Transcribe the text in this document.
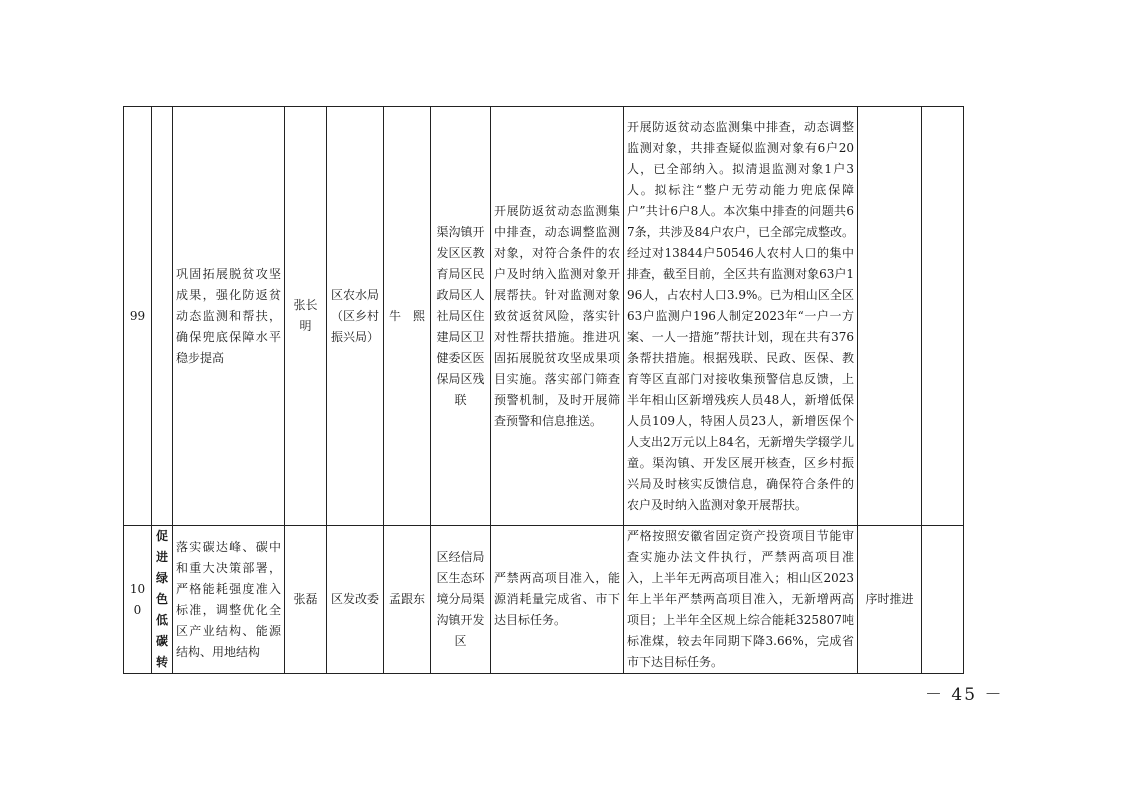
99		巩固拓展脱贫攻坚成果，强化防返贫动态监测和帮扶，确保兜底保障水平稳步提高	张长明	区农水局（区乡村振兴局）	牛　熙	渠沟镇开发区区教育局区民政局区人社局区住建局区卫健委区医保局区残联	开展防返贫动态监测集中排查，动态调整监测对象，对符合条件的农户及时纳入监测对象开展帮扶。针对监测对象致贫返贫风险，落实针对性帮扶措施。推进巩固拓展脱贫攻坚成果项目实施。落实部门筛查预警机制，及时开展筛查预警和信息推送。	开展防返贫动态监测集中排查，动态调整监测对象，共排查疑似监测对象有6户20人，已全部纳入。拟清退监测对象1户3人。拟标注“整户无劳动能力兜底保障户”共计6户8人。本次集中排查的问题共67条，共涉及84户农户，已全部完成整改。经过对13844户50546人农村人口的集中排查，截至目前，全区共有监测对象63户196人，占农村人口3.9%。已为相山区全区63户监测户196人制定2023年“一户一方案、一人一措施”帮扶计划，现在共有376条帮扶措施。根据残联、民政、医保、教育等区直部门对接收集预警信息反馈，上半年相山区新增残疾人员48人，新增低保人员109人，特困人员23人，新增医保个人支出2万元以上84名，无新增失学辍学儿童。渠沟镇、开发区展开核查，区乡村振兴局及时核实反馈信息，确保符合条件的农户及时纳入监测对象开展帮扶。		
100	促进绿色低碳转	落实碳达峰、碳中和重大决策部署，严格能耗强度准入标准，调整优化全区产业结构、能源结构、用地结构	张磊	区发改委	孟跟东	区经信局区生态环境分局渠沟镇开发区	严禁两高项目准入，能源消耗量完成省、市下达目标任务。	严格按照安徽省固定资产投资项目节能审查实施办法文件执行，严禁两高项目准入，上半年无两高项目准入；相山区2023年上半年严禁两高项目准入，无新增两高项目；上半年全区规上综合能耗325807吨标准煤，较去年同期下降3.66%，完成省市下达目标任务。	序时推进	
－ 45 －
